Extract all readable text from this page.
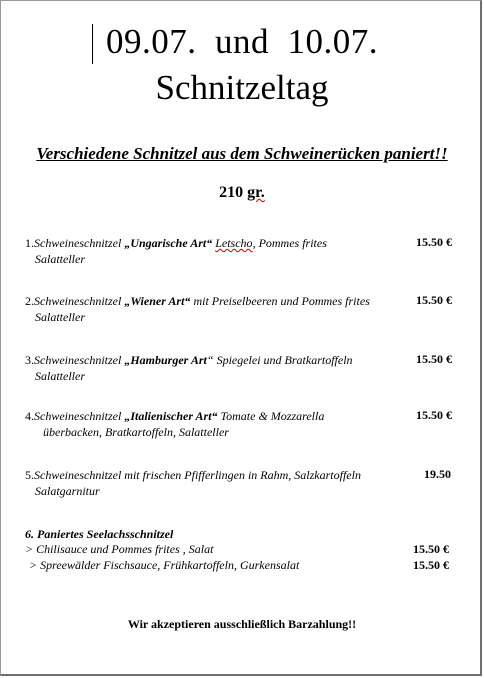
09.07.  und  10.07.
Schnitzeltag
Verschiedene Schnitzel aus dem Schweinerücken paniert!!
210 gr.
1.Schweineschnitzel „Ungarische Art“ Letscho, Pommes frites
Salatteller
15.50 €
2.Schweineschnitzel „Wiener Art“ mit Preiselbeeren und Pommes frites
Salatteller
15.50 €
3.Schweineschnitzel „Hamburger Art“ Spiegelei und Bratkartoffeln
Salatteller
15.50 €
4.Schweineschnitzel „Italienischer Art“ Tomate & Mozzarella
überbacken, Bratkartoffeln, Salatteller
15.50 €
5.Schweineschnitzel mit frischen Pfifferlingen in Rahm, Salzkartoffeln
Salatgarnitur
19.50
6. Paniertes Seelachsschnitzel
> Chilisauce und Pommes frites , Salat	15.50 €
> Spreewälder Fischsauce, Frühkartoffeln, Gurkensalat	15.50 €
Wir akzeptieren ausschließlich Barzahlung!!
